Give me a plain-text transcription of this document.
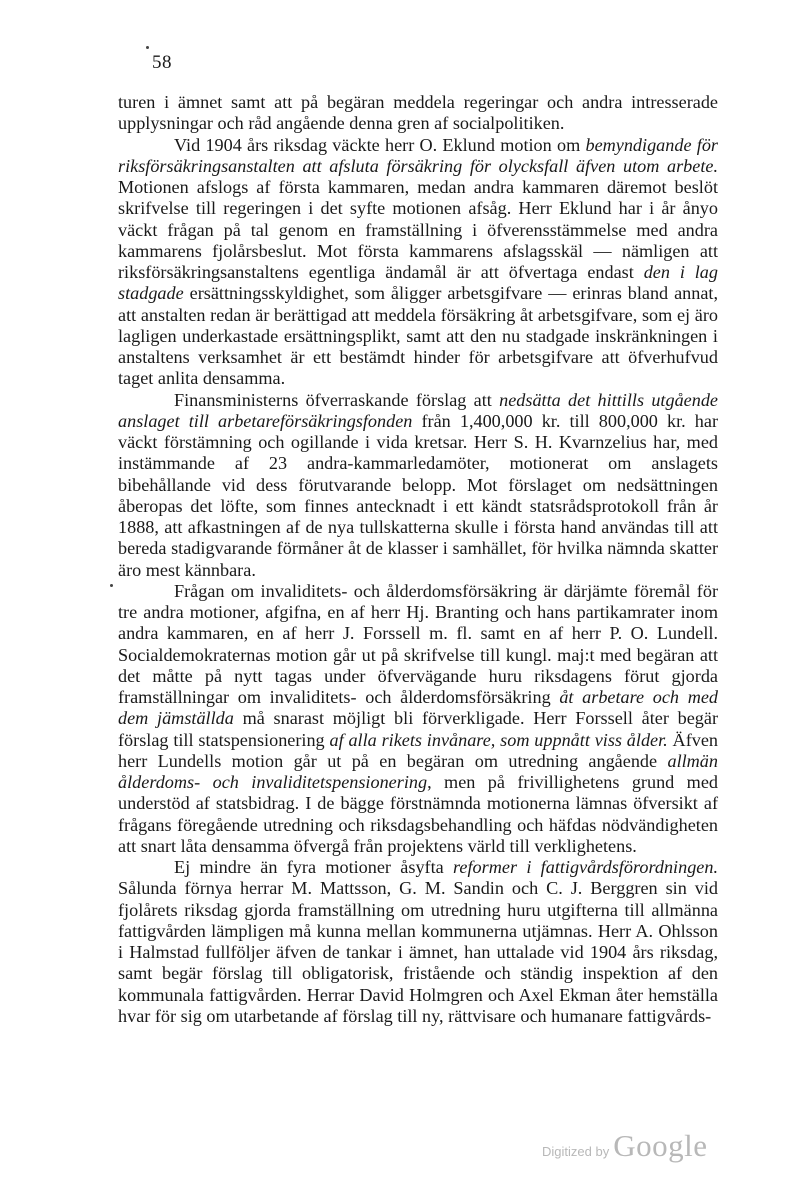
58

turen i ämnet samt att på begäran meddela regeringar och andra intresserade upplysningar och råd angående denna gren af socialpolitiken.

Vid 1904 års riksdag väckte herr O. Eklund motion om bemyndigande för riksförsäkringsanstalten att afsluta försäkring för olycksfall äfven utom arbete. Motionen afslogs af första kammaren, medan andra kammaren däremot beslöt skrifvelse till regeringen i det syfte motionen afsåg. Herr Eklund har i år ånyo väckt frågan på tal genom en framställning i öfverensstämmelse med andra kammarens fjolårsbeslut. Mot första kammarens afslagsskäl — nämligen att riksförsäkringsanstaltens egentliga ändamål är att öfvertaga endast den i lag stadgade ersättningsskyldighet, som åligger arbetsgifvare — erinras bland annat, att anstalten redan är berättigad att meddela försäkring åt arbetsgifvare, som ej äro lagligen underkastade ersättningsplikt, samt att den nu stadgade inskränkningen i anstaltens verksamhet är ett bestämdt hinder för arbetsgifvare att öfverhufvud taget anlita densamma.

Finansministerns öfverraskande förslag att nedsätta det hittills utgående anslaget till arbetareförsäkringsfonden från 1,400,000 kr. till 800,000 kr. har väckt förstämning och ogillande i vida kretsar. Herr S. H. Kvarnzelius har, med instämmande af 23 andra-kammarledamöter, motionerat om anslagets bibehållande vid dess förutvarande belopp. Mot förslaget om nedsättningen åberopas det löfte, som finnes antecknadt i ett kändt statsrådsprotokoll från år 1888, att afkastningen af de nya tullskatterna skulle i första hand användas till att bereda stadigvarande förmåner åt de klasser i samhället, för hvilka nämnda skatter äro mest kännbara.

Frågan om invaliditets- och ålderdomsförsäkring är därjämte föremål för tre andra motioner, afgifna, en af herr Hj. Branting och hans partikamrater inom andra kammaren, en af herr J. Forssell m. fl. samt en af herr P. O. Lundell. Socialdemokraternas motion går ut på skrifvelse till kungl. maj:t med begäran att det måtte på nytt tagas under öfvervägande huru riksdagens förut gjorda framställningar om invaliditets- och ålderdomsförsäkring åt arbetare och med dem jämställda må snarast möjligt bli förverkligade. Herr Forssell åter begär förslag till statspensionering af alla rikets invånare, som uppnått viss ålder. Äfven herr Lundells motion går ut på en begäran om utredning angående allmän ålderdoms- och invaliditetspensionering, men på frivillighetens grund med understöd af statsbidrag. I de bägge förstnämnda motionerna lämnas öfversikt af frågans föregående utredning och riksdagsbehandling och häfdas nödvändigheten att snart låta densamma öfvergå från projektens värld till verklighetens.

Ej mindre än fyra motioner åsyfta reformer i fattigvårdsförordningen. Sålunda förnya herrar M. Mattsson, G. M. Sandin och C. J. Berggren sin vid fjolårets riksdag gjorda framställning om utredning huru utgifterna till allmänna fattigvården lämpligen må kunna mellan kommunerna utjämnas. Herr A. Ohlsson i Halmstad fullföljer äfven de tankar i ämnet, han uttalade vid 1904 års riksdag, samt begär förslag till obligatorisk, fristående och ständig inspektion af den kommunala fattigvården. Herrar David Holmgren och Axel Ekman åter hemställa hvar för sig om utarbetande af förslag till ny, rättvisare och humanare fattigvårds-

Digitized by Google
